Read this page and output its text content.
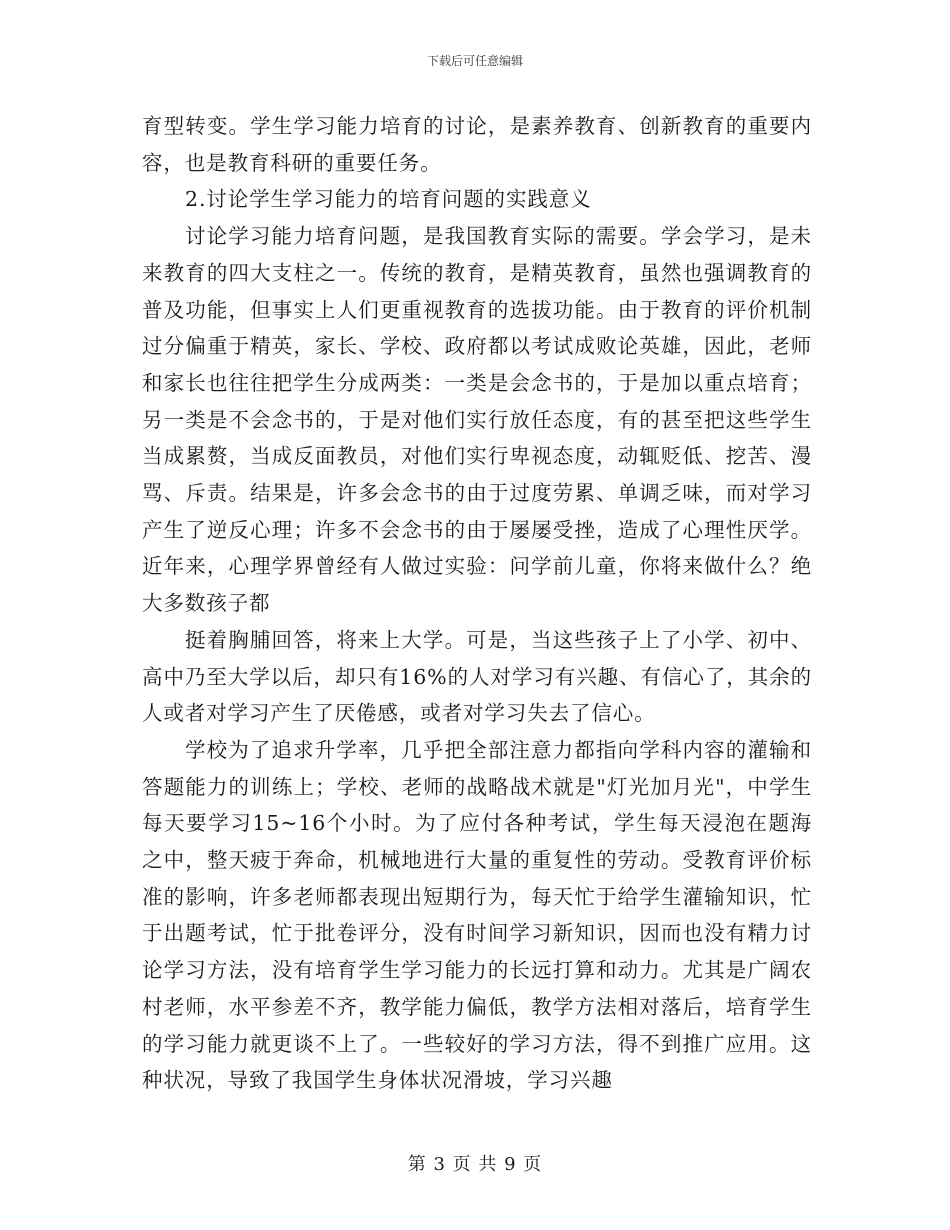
下载后可任意编辑

育型转变。学生学习能力培育的讨论，是素养教育、创新教育的重要内容，也是教育科研的重要任务。

2.讨论学生学习能力的培育问题的实践意义

讨论学习能力培育问题，是我国教育实际的需要。学会学习，是未来教育的四大支柱之一。传统的教育，是精英教育，虽然也强调教育的普及功能，但事实上人们更重视教育的选拔功能。由于教育的评价机制过分偏重于精英，家长、学校、政府都以考试成败论英雄，因此，老师和家长也往往把学生分成两类：一类是会念书的，于是加以重点培育；另一类是不会念书的，于是对他们实行放任态度，有的甚至把这些学生当成累赘，当成反面教员，对他们实行卑视态度，动辄贬低、挖苦、漫骂、斥责。结果是，许多会念书的由于过度劳累、单调乏味，而对学习产生了逆反心理；许多不会念书的由于屡屡受挫，造成了心理性厌学。近年来，心理学界曾经有人做过实验：问学前儿童，你将来做什么？绝大多数孩子都

挺着胸脯回答，将来上大学。可是，当这些孩子上了小学、初中、高中乃至大学以后，却只有16%的人对学习有兴趣、有信心了，其余的人或者对学习产生了厌倦感，或者对学习失去了信心。

学校为了追求升学率，几乎把全部注意力都指向学科内容的灌输和答题能力的训练上；学校、老师的战略战术就是"灯光加月光"，中学生每天要学习15~16个小时。为了应付各种考试，学生每天浸泡在题海之中，整天疲于奔命，机械地进行大量的重复性的劳动。受教育评价标准的影响，许多老师都表现出短期行为，每天忙于给学生灌输知识，忙于出题考试，忙于批卷评分，没有时间学习新知识，因而也没有精力讨论学习方法，没有培育学生学习能力的长远打算和动力。尤其是广阔农村老师，水平参差不齐，教学能力偏低，教学方法相对落后，培育学生的学习能力就更谈不上了。一些较好的学习方法，得不到推广应用。这种状况，导致了我国学生身体状况滑坡，学习兴趣

第 3 页 共 9 页
